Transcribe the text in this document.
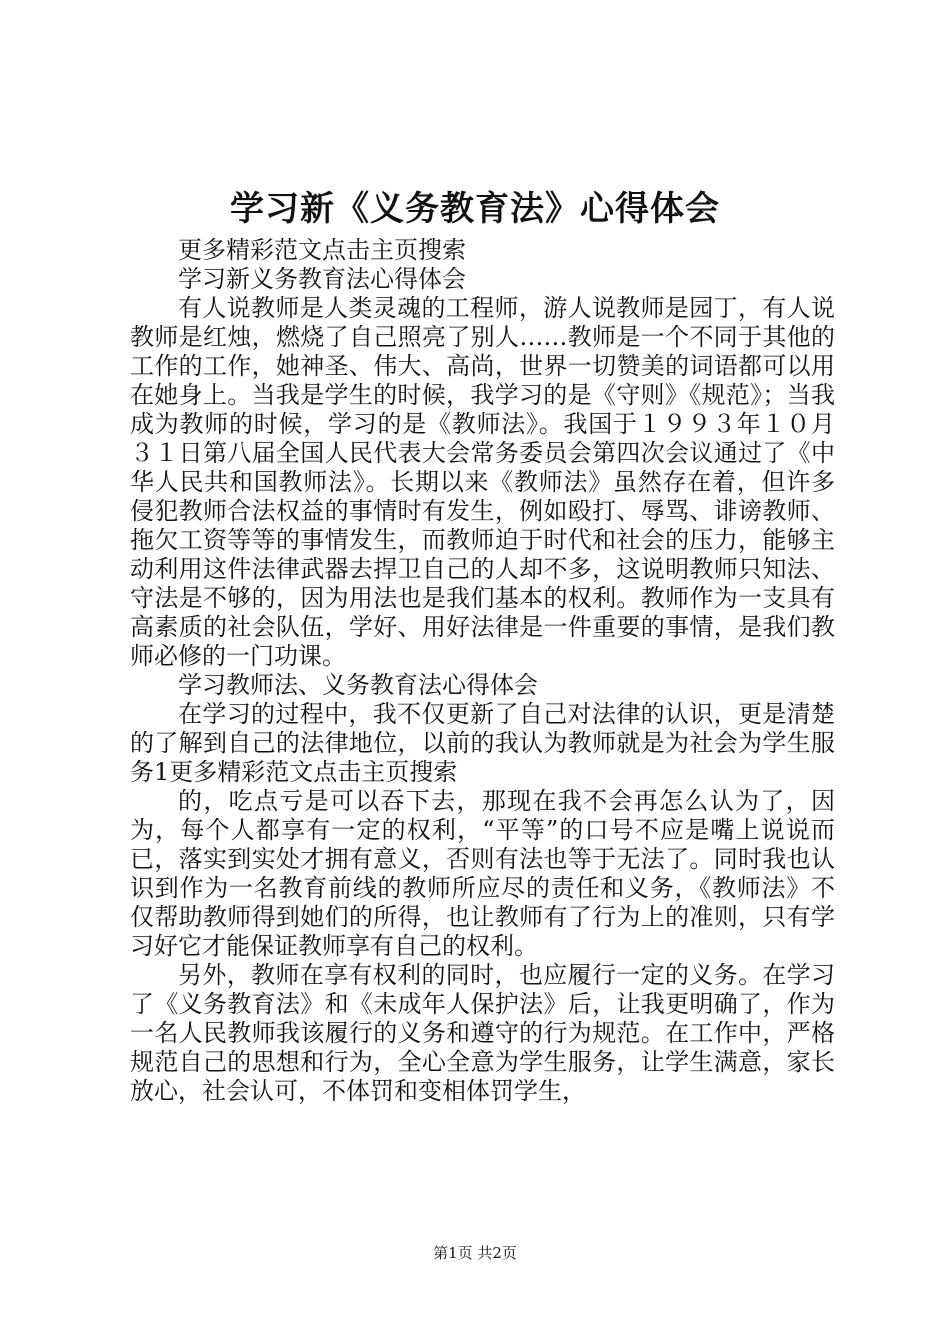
学习新《义务教育法》心得体会

更多精彩范文点击主页搜索

学习新义务教育法心得体会

有人说教师是人类灵魂的工程师，游人说教师是园丁，有人说教师是红烛，燃烧了自己照亮了别人……教师是一个不同于其他的工作的工作，她神圣、伟大、高尚，世界一切赞美的词语都可以用在她身上。当我是学生的时候，我学习的是《守则》《规范》；当我成为教师的时候，学习的是《教师法》。我国于１９９３年１０月３１日第八届全国人民代表大会常务委员会第四次会议通过了《中华人民共和国教师法》。长期以来《教师法》虽然存在着，但许多侵犯教师合法权益的事情时有发生，例如殴打、辱骂、诽谤教师、拖欠工资等等的事情发生，而教师迫于时代和社会的压力，能够主动利用这件法律武器去捍卫自己的人却不多，这说明教师只知法、守法是不够的，因为用法也是我们基本的权利。教师作为一支具有高素质的社会队伍，学好、用好法律是一件重要的事情，是我们教师必修的一门功课。

学习教师法、义务教育法心得体会

在学习的过程中，我不仅更新了自己对法律的认识，更是清楚的了解到自己的法律地位，以前的我认为教师就是为社会为学生服务1更多精彩范文点击主页搜索

的，吃点亏是可以吞下去，那现在我不会再怎么认为了，因为，每个人都享有一定的权利，“平等”的口号不应是嘴上说说而已，落实到实处才拥有意义，否则有法也等于无法了。同时我也认识到作为一名教育前线的教师所应尽的责任和义务，《教师法》不仅帮助教师得到她们的所得，也让教师有了行为上的准则，只有学习好它才能保证教师享有自己的权利。

另外，教师在享有权利的同时，也应履行一定的义务。在学习了《义务教育法》和《未成年人保护法》后，让我更明确了，作为一名人民教师我该履行的义务和遵守的行为规范。在工作中，严格规范自己的思想和行为，全心全意为学生服务，让学生满意，家长放心，社会认可，不体罚和变相体罚学生，

第1页 共2页
